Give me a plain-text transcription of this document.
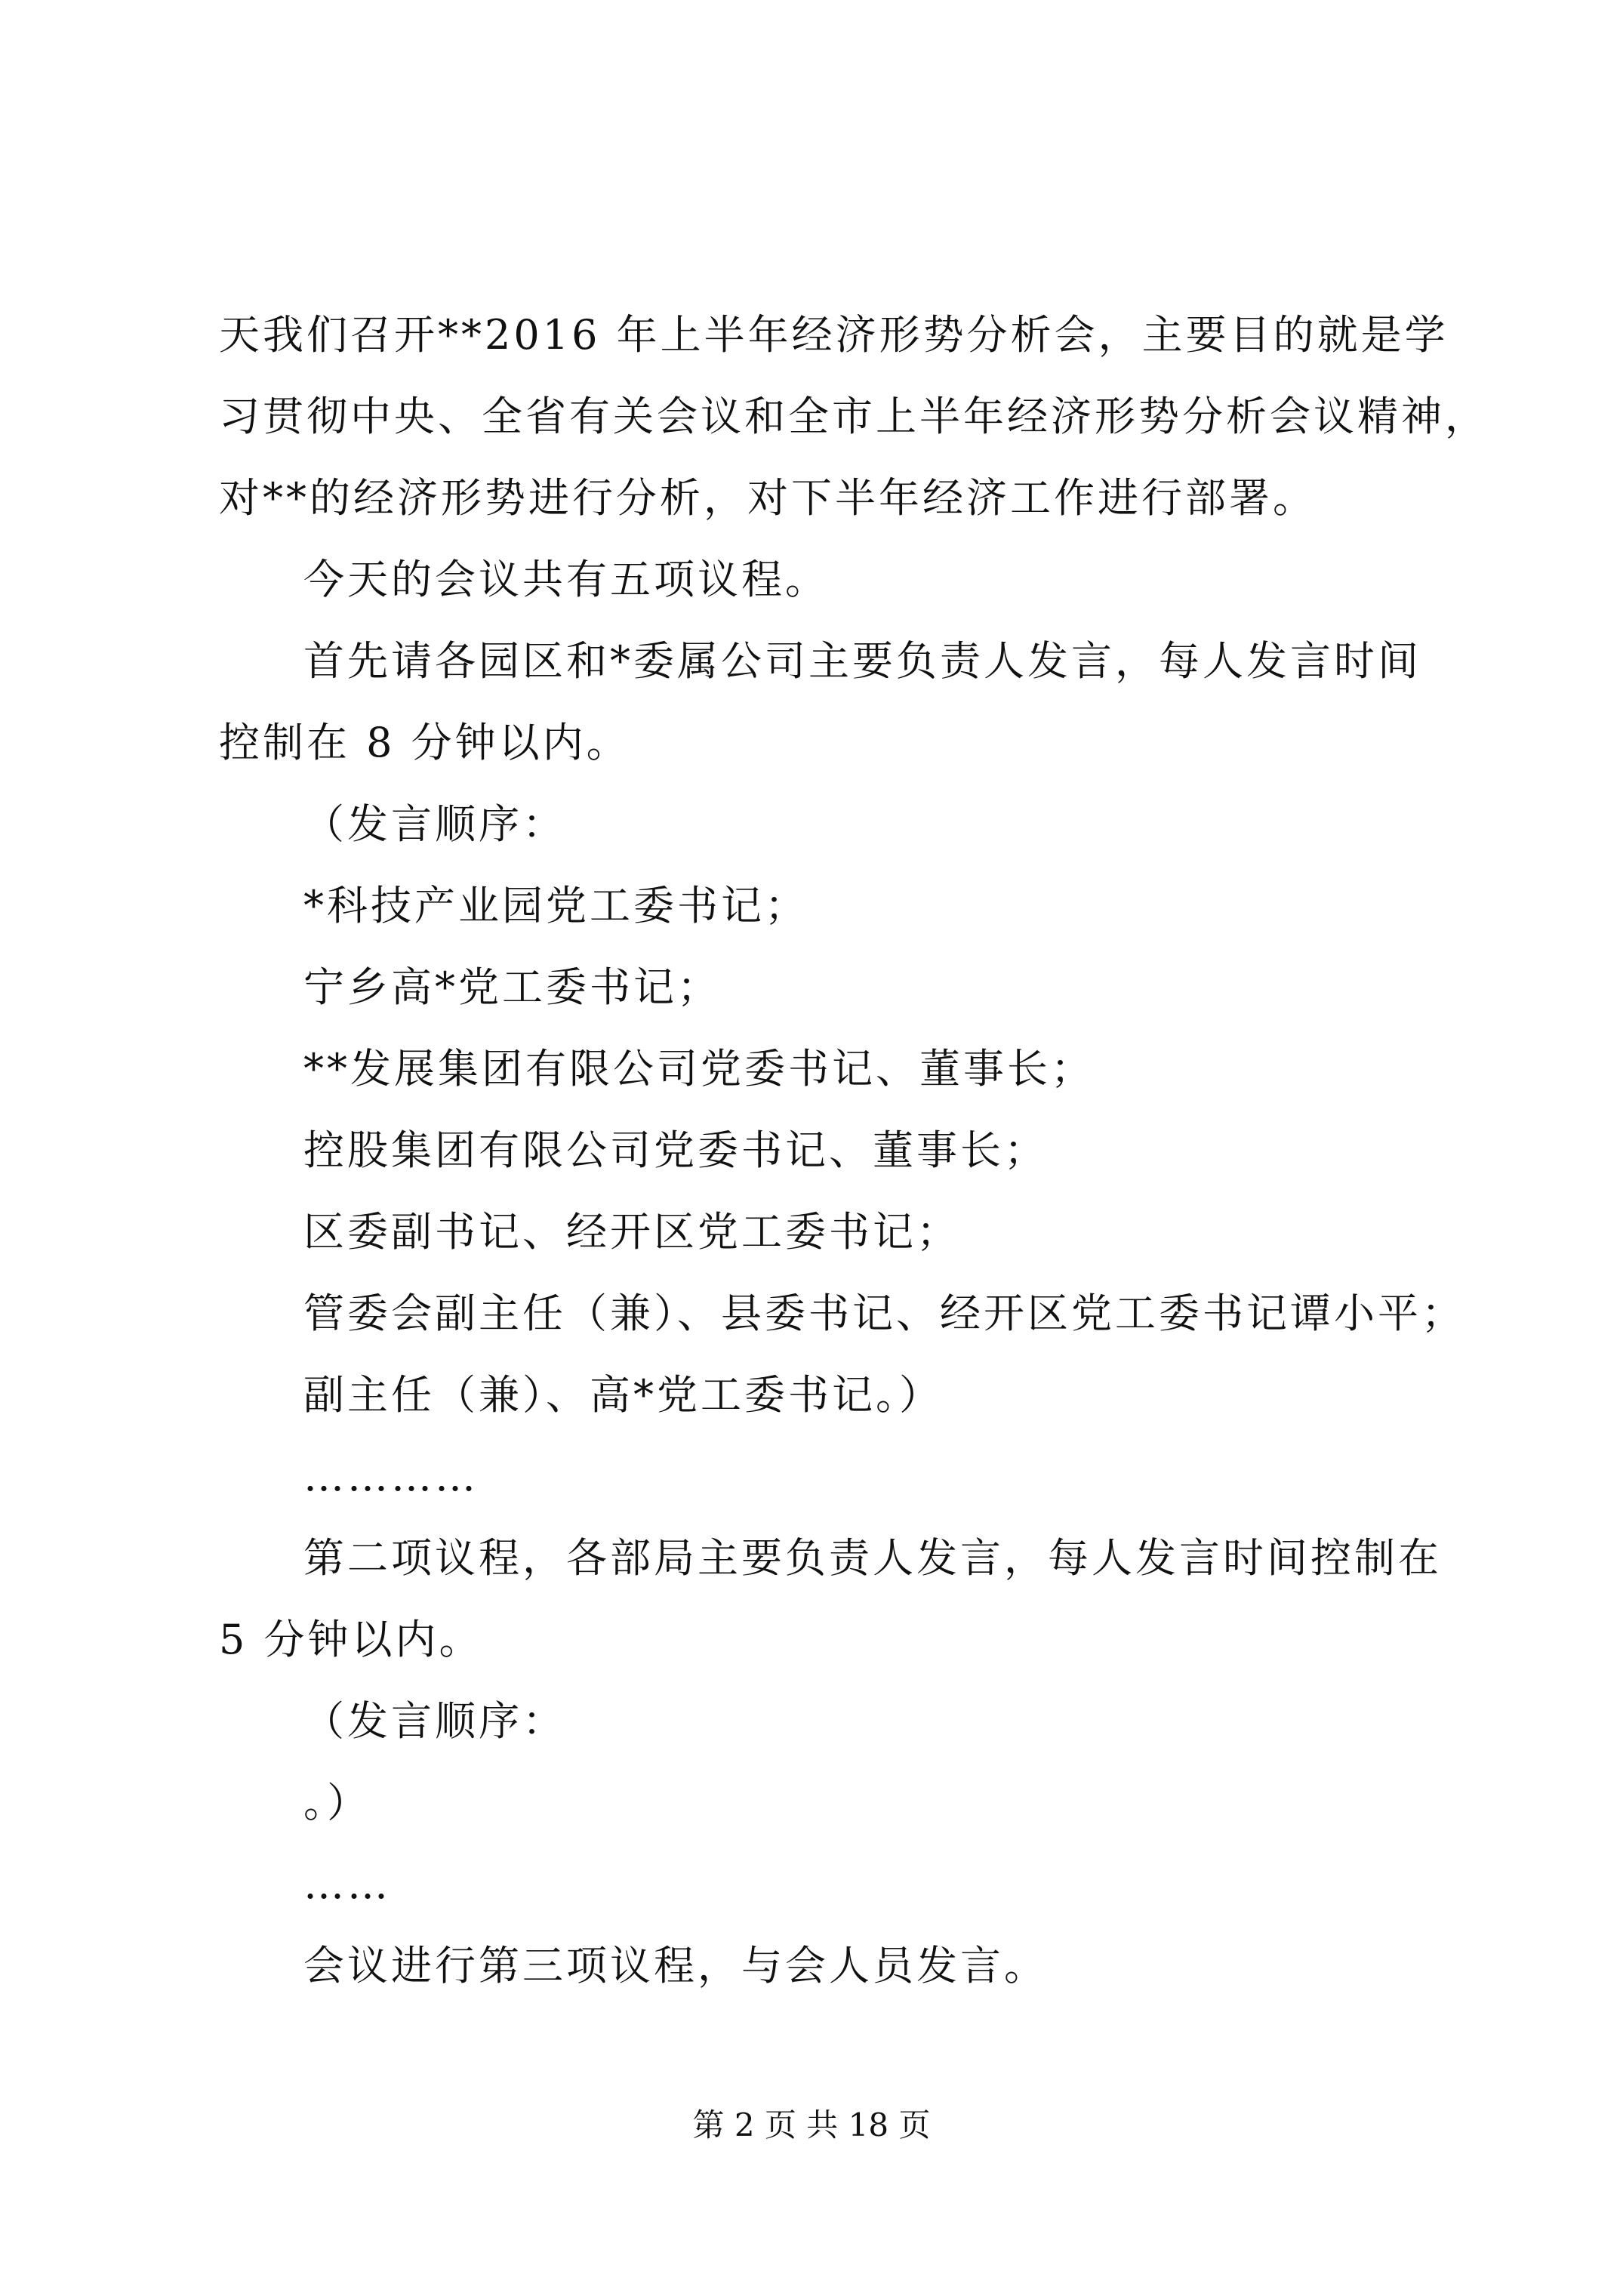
天我们召开**2016 年上半年经济形势分析会，主要目的就是学
习贯彻中央、全省有关会议和全市上半年经济形势分析会议精神，
对**的经济形势进行分析，对下半年经济工作进行部署。
今天的会议共有五项议程。
首先请各园区和*委属公司主要负责人发言，每人发言时间
控制在 8 分钟以内。
（发言顺序：
*科技产业园党工委书记；
宁乡高*党工委书记；
**发展集团有限公司党委书记、董事长；
控股集团有限公司党委书记、董事长；
区委副书记、经开区党工委书记；
管委会副主任（兼）、县委书记、经开区党工委书记谭小平；
副主任（兼）、高*党工委书记。）
…………
第二项议程，各部局主要负责人发言，每人发言时间控制在
5 分钟以内。
（发言顺序：
。）
……
会议进行第三项议程，与会人员发言。
第 2 页 共 18 页
